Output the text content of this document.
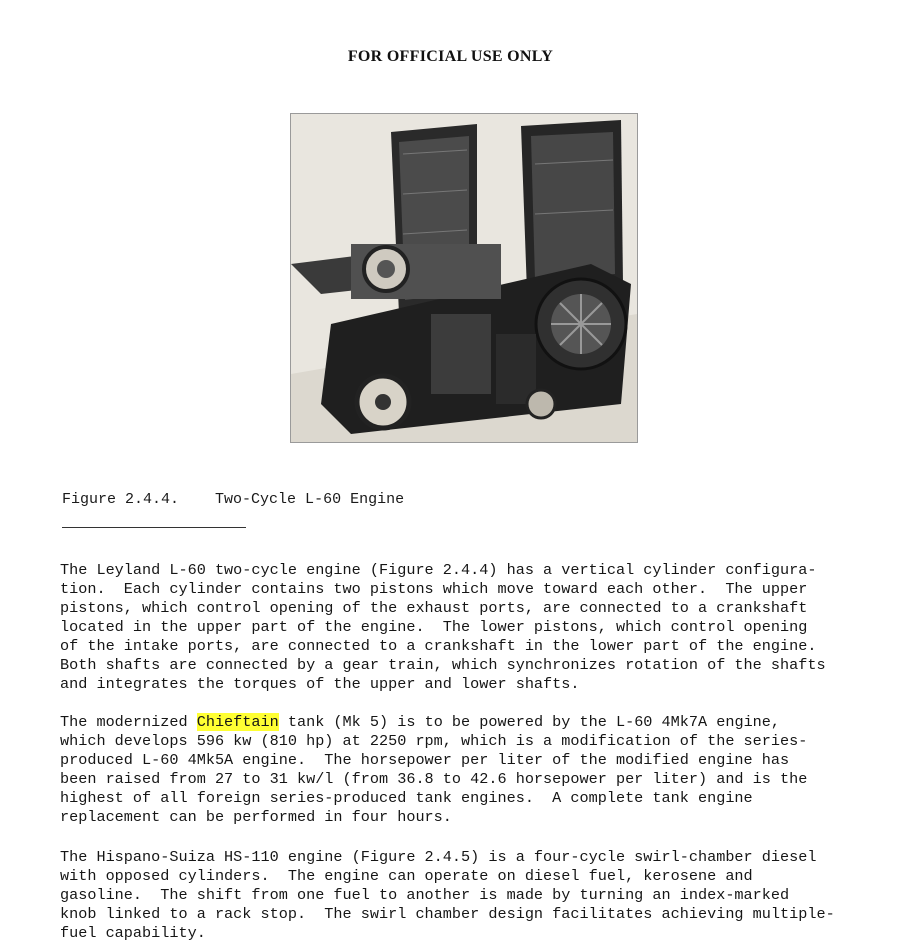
FOR OFFICIAL USE ONLY
Figure 2.4.4. Two-Cycle L-60 Engine

The Leyland L-60 two-cycle engine (Figure 2.4.4) has a vertical cylinder configura-
tion.  Each cylinder contains two pistons which move toward each other.  The upper
pistons, which control opening of the exhaust ports, are connected to a crankshaft
located in the upper part of the engine.  The lower pistons, which control opening
of the intake ports, are connected to a crankshaft in the lower part of the engine.
Both shafts are connected by a gear train, which synchronizes rotation of the shafts
and integrates the torques of the upper and lower shafts.

The modernized Chieftain tank (Mk 5) is to be powered by the L-60 4Mk7A engine,
which develops 596 kw (810 hp) at 2250 rpm, which is a modification of the series-
produced L-60 4Mk5A engine.  The horsepower per liter of the modified engine has
been raised from 27 to 31 kw/l (from 36.8 to 42.6 horsepower per liter) and is the
highest of all foreign series-produced tank engines.  A complete tank engine
replacement can be performed in four hours.

The Hispano-Suiza HS-110 engine (Figure 2.4.5) is a four-cycle swirl-chamber diesel
with opposed cylinders.  The engine can operate on diesel fuel, kerosene and
gasoline.  The shift from one fuel to another is made by turning an index-marked
knob linked to a rack stop.  The swirl chamber design facilitates achieving multiple-
fuel capability.
